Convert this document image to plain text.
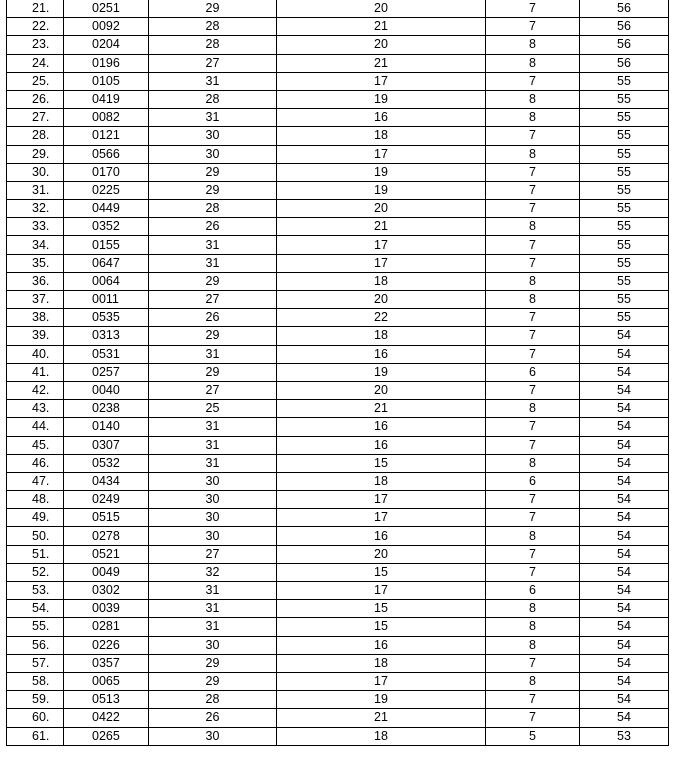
21.	0251	29	20	7	56
22.	0092	28	21	7	56
23.	0204	28	20	8	56
24.	0196	27	21	8	56
25.	0105	31	17	7	55
26.	0419	28	19	8	55
27.	0082	31	16	8	55
28.	0121	30	18	7	55
29.	0566	30	17	8	55
30.	0170	29	19	7	55
31.	0225	29	19	7	55
32.	0449	28	20	7	55
33.	0352	26	21	8	55
34.	0155	31	17	7	55
35.	0647	31	17	7	55
36.	0064	29	18	8	55
37.	0011	27	20	8	55
38.	0535	26	22	7	55
39.	0313	29	18	7	54
40.	0531	31	16	7	54
41.	0257	29	19	6	54
42.	0040	27	20	7	54
43.	0238	25	21	8	54
44.	0140	31	16	7	54
45.	0307	31	16	7	54
46.	0532	31	15	8	54
47.	0434	30	18	6	54
48.	0249	30	17	7	54
49.	0515	30	17	7	54
50.	0278	30	16	8	54
51.	0521	27	20	7	54
52.	0049	32	15	7	54
53.	0302	31	17	6	54
54.	0039	31	15	8	54
55.	0281	31	15	8	54
56.	0226	30	16	8	54
57.	0357	29	18	7	54
58.	0065	29	17	8	54
59.	0513	28	19	7	54
60.	0422	26	21	7	54
61.	0265	30	18	5	53
